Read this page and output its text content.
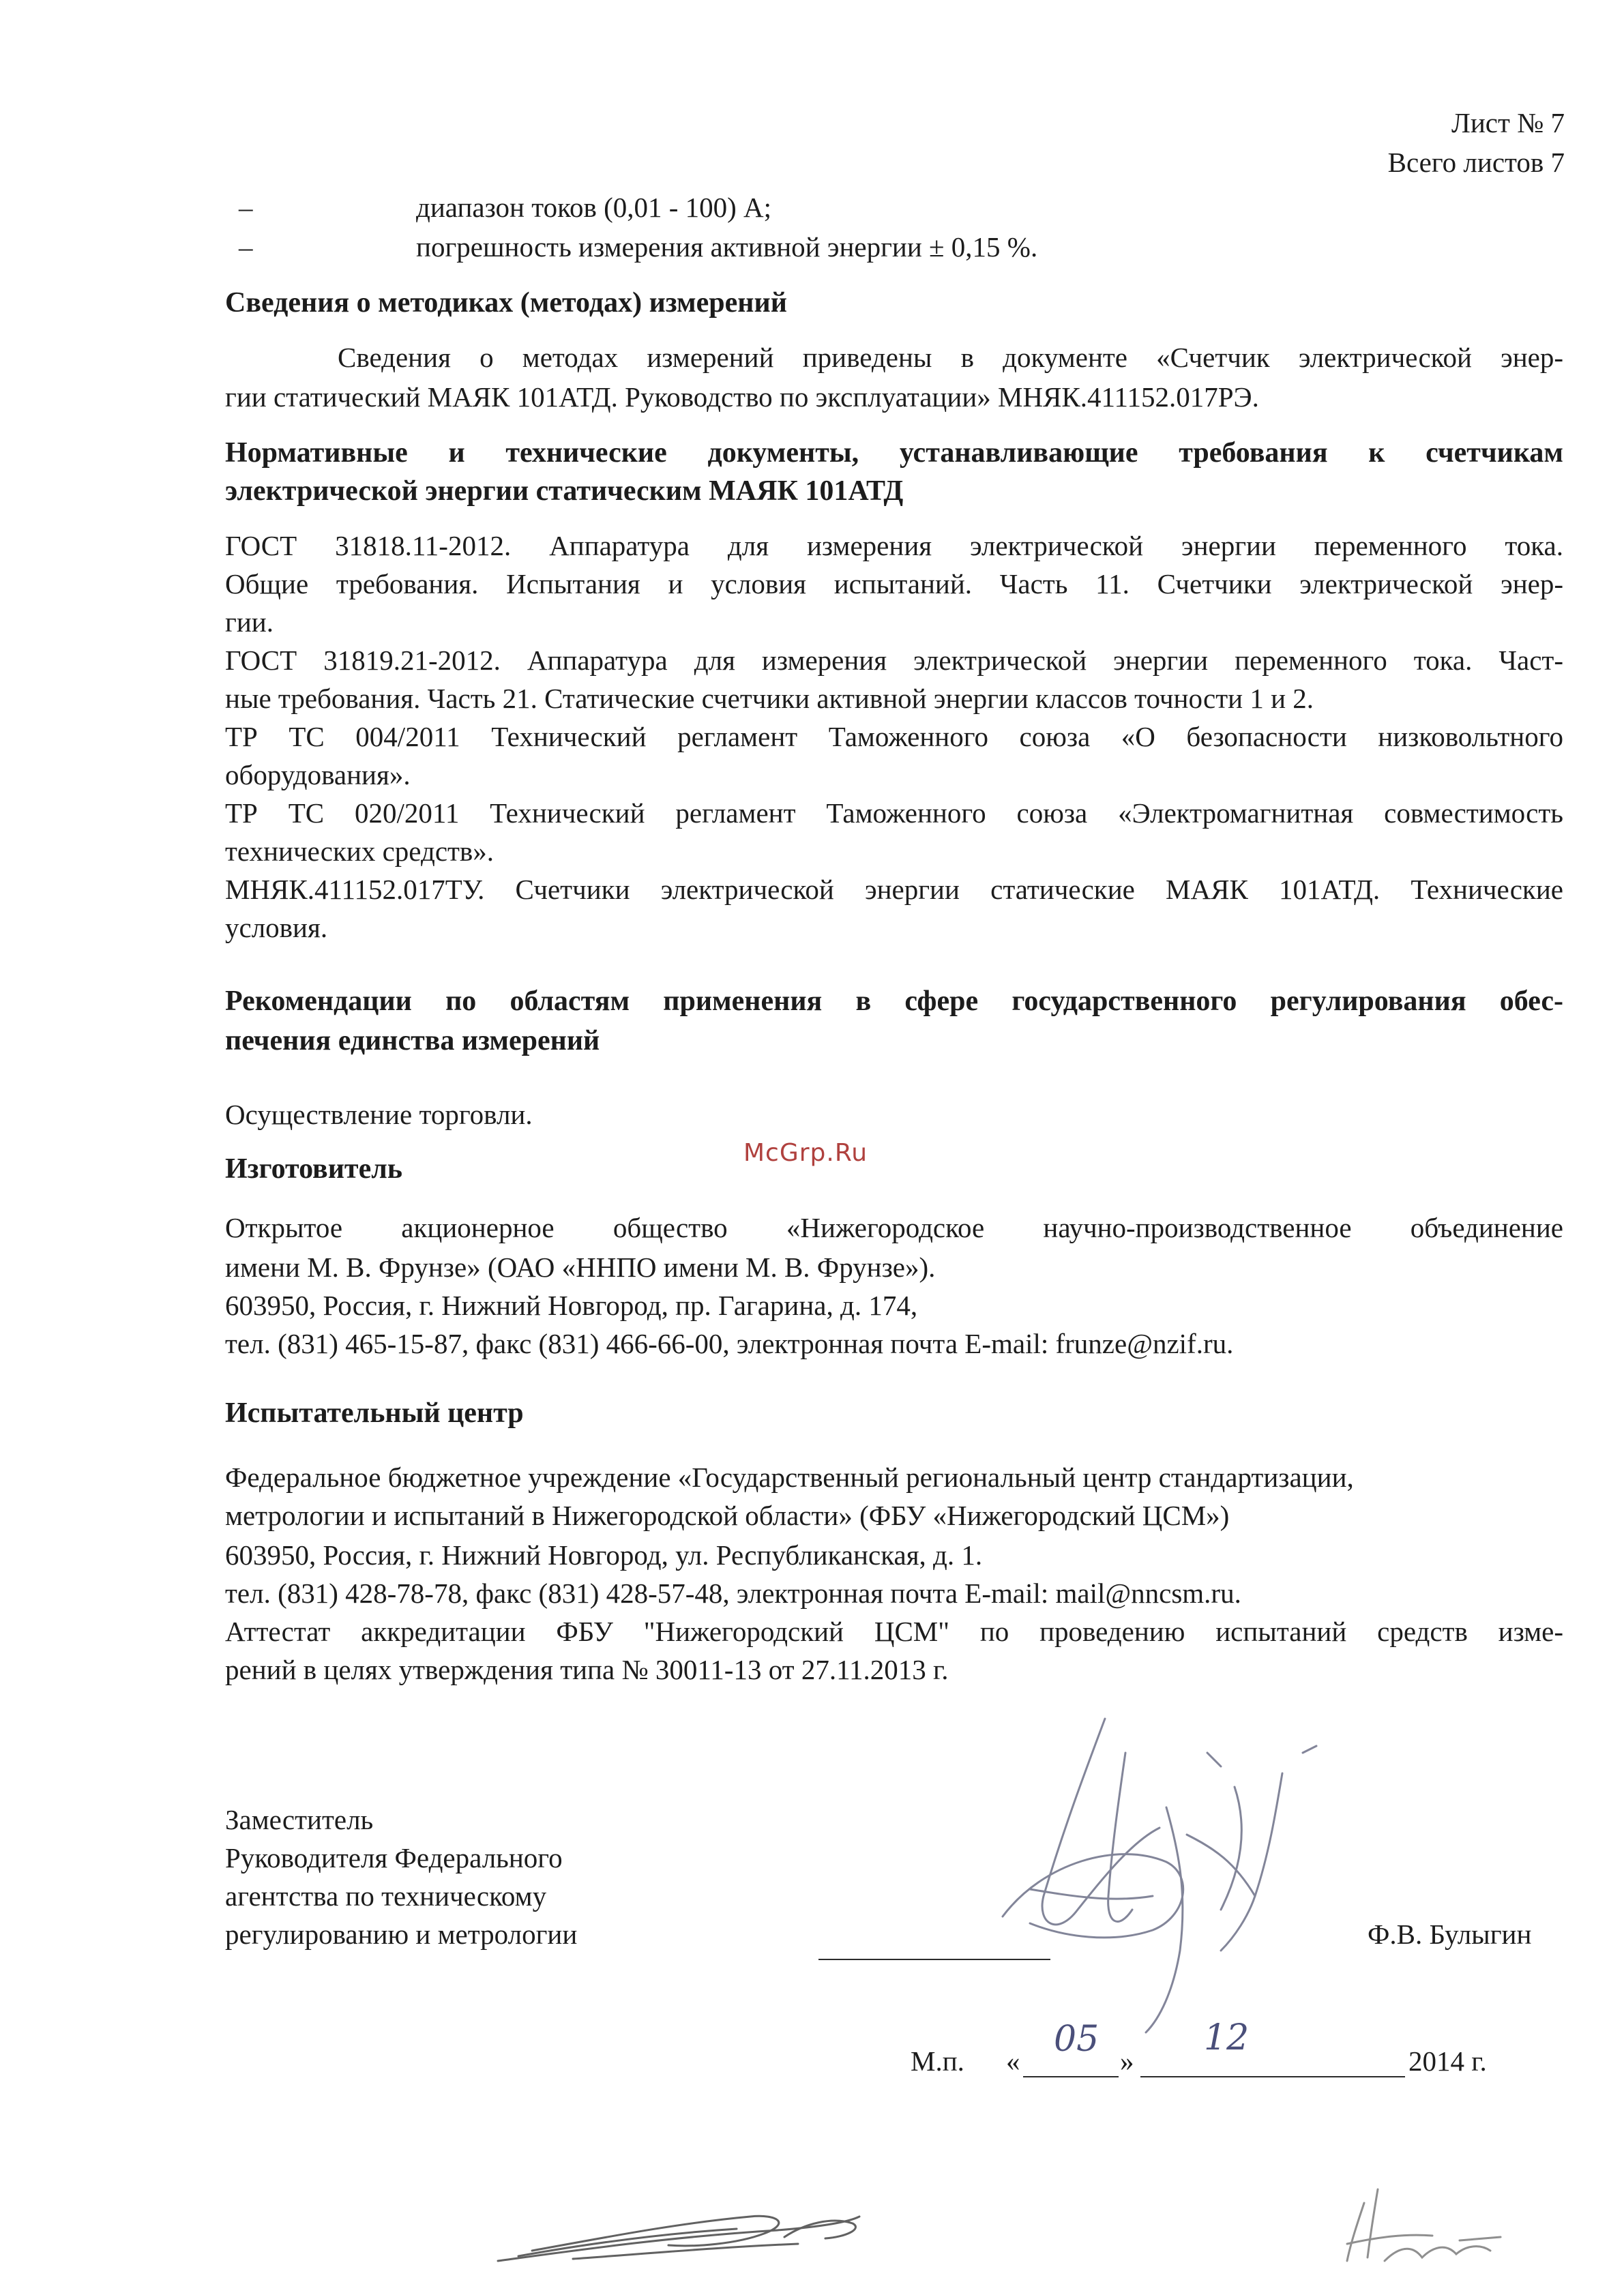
Лист № 7
Всего листов 7
–	диапазон токов (0,01 - 100) А;
–	погрешность измерения активной энергии ± 0,15 %.
Сведения о методиках (методах) измерений
Сведения о методах измерений приведены в документе «Счетчик электрической энер-
гии статический МАЯК 101АТД. Руководство по эксплуатации» МНЯК.411152.017РЭ.
Нормативные и технические документы, устанавливающие требования к счетчикам
электрической энергии статическим МАЯК 101АТД
ГОСТ 31818.11-2012. Аппаратура для измерения электрической энергии переменного тока.
Общие требования. Испытания и условия испытаний. Часть 11. Счетчики электрической энер-
гии.
ГОСТ 31819.21-2012. Аппаратура для измерения электрической энергии переменного тока. Част-
ные требования. Часть 21. Статические счетчики активной энергии классов точности 1 и 2.
ТР ТС 004/2011 Технический регламент Таможенного союза «О безопасности низковольтного
оборудования».
ТР ТС 020/2011 Технический регламент Таможенного союза «Электромагнитная совместимость
технических средств».
МНЯК.411152.017ТУ. Счетчики электрической энергии статические МАЯК 101АТД. Технические
условия.
Рекомендации по областям применения в сфере государственного регулирования обес-
печения единства измерений
Осуществление торговли.
McGrp.Ru
Изготовитель
Открытое акционерное общество «Нижегородское научно-производственное объединение
имени М. В. Фрунзе» (ОАО «ННПО имени М. В. Фрунзе»).
603950, Россия, г. Нижний Новгород, пр. Гагарина, д. 174,
тел. (831) 465-15-87, факс (831) 466-66-00, электронная почта E-mail: frunze@nzif.ru.
Испытательный центр
Федеральное бюджетное учреждение «Государственный региональный центр стандартизации,
метрологии и испытаний в Нижегородской области» (ФБУ «Нижегородский ЦСМ»)
603950, Россия, г. Нижний Новгород, ул. Республиканская, д. 1.
тел. (831) 428-78-78, факс (831) 428-57-48, электронная почта E-mail: mail@nncsm.ru.
Аттестат аккредитации ФБУ "Нижегородский ЦСМ" по проведению испытаний средств изме-
рений в целях утверждения типа № 30011-13 от 27.11.2013 г.
Заместитель
Руководителя Федерального
агентства по техническому
регулированию и метрологии	Ф.В. Булыгин
М.п. «
05
»
12
2014 г.
